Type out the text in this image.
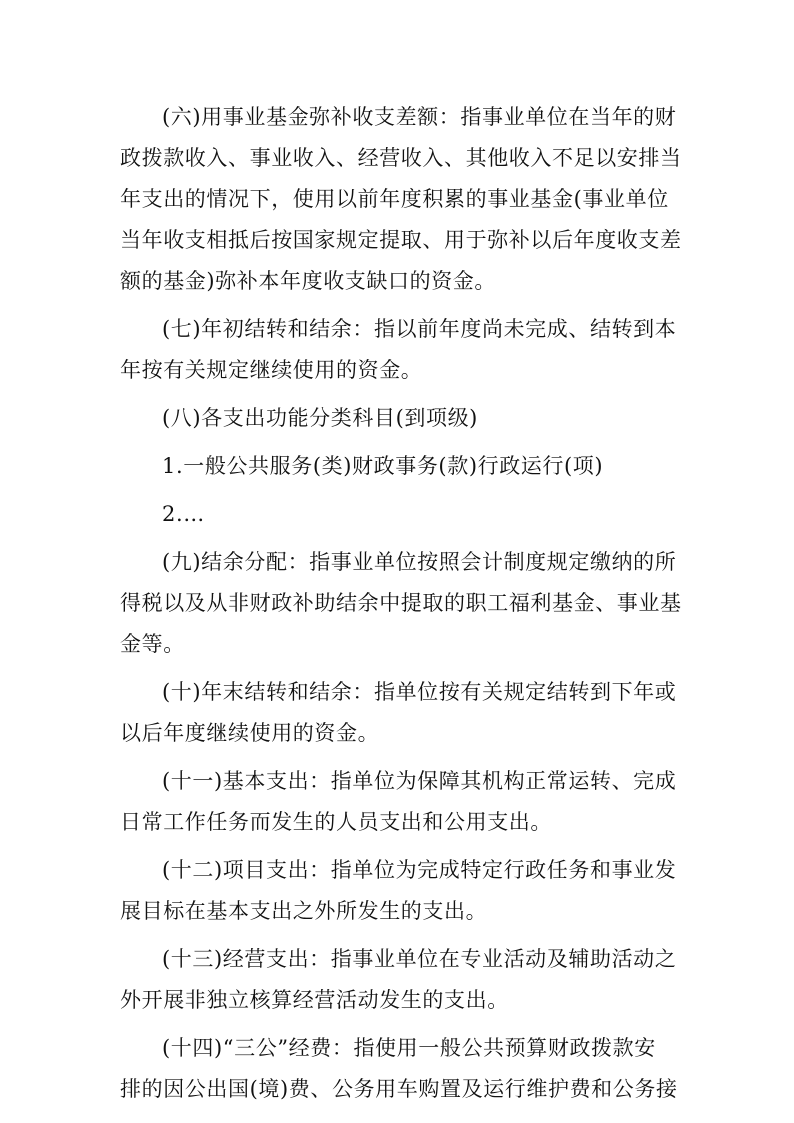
(六)用事业基金弥补收支差额：指事业单位在当年的财
政拨款收入、事业收入、经营收入、其他收入不足以安排当
年支出的情况下，使用以前年度积累的事业基金(事业单位
当年收支相抵后按国家规定提取、用于弥补以后年度收支差
额的基金)弥补本年度收支缺口的资金。
(七)年初结转和结余：指以前年度尚未完成、结转到本
年按有关规定继续使用的资金。
(八)各支出功能分类科目(到项级)
1.一般公共服务(类)财政事务(款)行政运行(项)
2.…
(九)结余分配：指事业单位按照会计制度规定缴纳的所
得税以及从非财政补助结余中提取的职工福利基金、事业基
金等。
(十)年末结转和结余：指单位按有关规定结转到下年或
以后年度继续使用的资金。
(十一)基本支出：指单位为保障其机构正常运转、完成
日常工作任务而发生的人员支出和公用支出。
(十二)项目支出：指单位为完成特定行政任务和事业发
展目标在基本支出之外所发生的支出。
(十三)经营支出：指事业单位在专业活动及辅助活动之
外开展非独立核算经营活动发生的支出。
(十四)“三公”经费：指使用一般公共预算财政拨款安
排的因公出国(境)费、公务用车购置及运行维护费和公务接
